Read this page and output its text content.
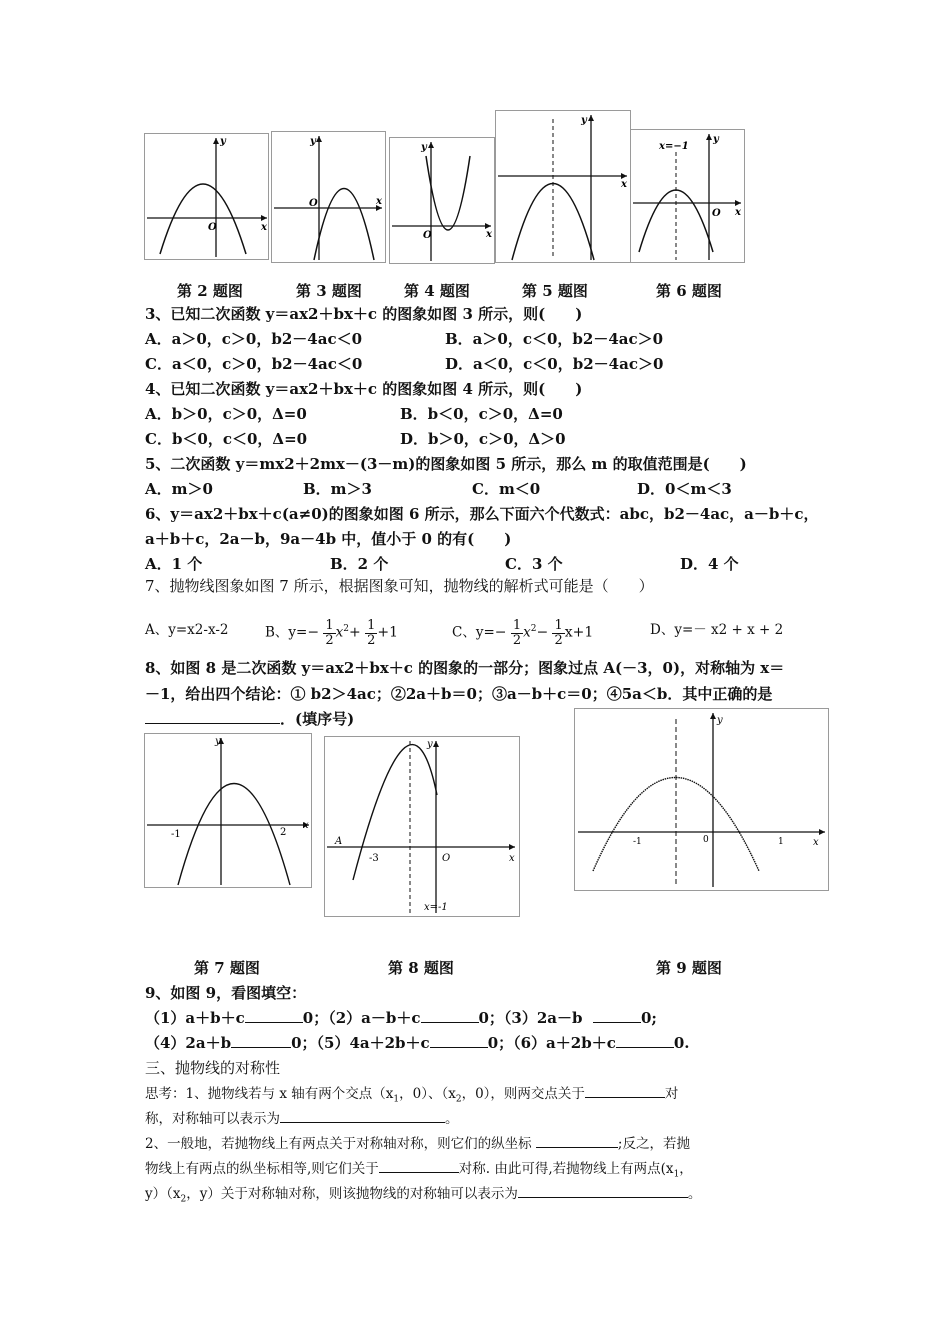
O	x
y
O	x
y
O	x
y
x
y
x=−1
x
y
O
第 2 题图	第 3 题图	第 4 题图	第 5 题图	第 6 题图
3、已知二次函数 y＝ax2＋bx＋c 的图象如图 3 所示，则(　　)
A．a＞0，c＞0，b2－4ac＜0	B．a＞0，c＜0，b2－4ac＞0
C．a＜0，c＞0，b2－4ac＜0	D．a＜0，c＜0，b2－4ac＞0
4、已知二次函数 y＝ax2＋bx＋c 的图象如图 4 所示，则(　　)
A．b＞0，c＞0，Δ=0	B．b＜0，c＞0，Δ=0
C．b＜0，c＜0，Δ=0	D．b＞0，c＞0，Δ＞0
5、二次函数 y＝mx2＋2mx－(3－m)的图象如图 5 所示，那么 m 的取值范围是(　　)
A．m＞0	B．m＞3	C．m＜0	D．0＜m＜3
6、y＝ax2＋bx＋c(a≠0)的图象如图 6 所示，那么下面六个代数式：abc，b2－4ac，a－b＋c，
a＋b＋c，2a－b，9a－4b 中，值小于 0 的有(　　)
A．1 个	B．2 个	C．3 个	D．4 个
7、抛物线图象如图 7 所示，根据图象可知，抛物线的解析式可能是（　　）
A、y=x2-x-2	B、$y=- \frac{1}{2} x^2+ \frac{1}{2} +1$	C、$y=- \frac{1}{2} x^2- \frac{1}{2} x+1$	D、y=－ x2 + x + 2
8、如图 8 是二次函数 y＝ax2＋bx＋c 的图象的一部分；图象过点 A(－3，0)，对称轴为 x＝
－1，给出四个结论：① b2＞4ac；②2a＋b＝0；③a－b＋c＝0；④5a＜b．其中正确的是
．(填序号)
-1	2
x
y
A
-3	O
x=-1
x
y
-1	0	1	x
y
第 7 题图	第 8 题图	第 9 题图
9、如图 9，看图填空：
（1）a＋b＋c	0；（2）a－b＋c	0；（3）2a－b	0;
（4）2a＋b	0；（5）4a＋2b＋c	0；（6）a＋2b＋c	0.
三、抛物线的对称性
思考：1、抛物线若与 x 轴有两个交点（$x_1$，0）、（$x_2$，0），则两交点关于	对
称，对称轴可以表示为	。
2、一般地，若抛物线上有两点关于对称轴对称，则它们的纵坐标	;反之，若抛
物线上有两点的纵坐标相等,则它们关于	对称. 由此可得,若抛物线上有两点($x_1$，
$y)(x_2$，y）关于对称轴对称，则该抛物线的对称轴可以表示为	。
